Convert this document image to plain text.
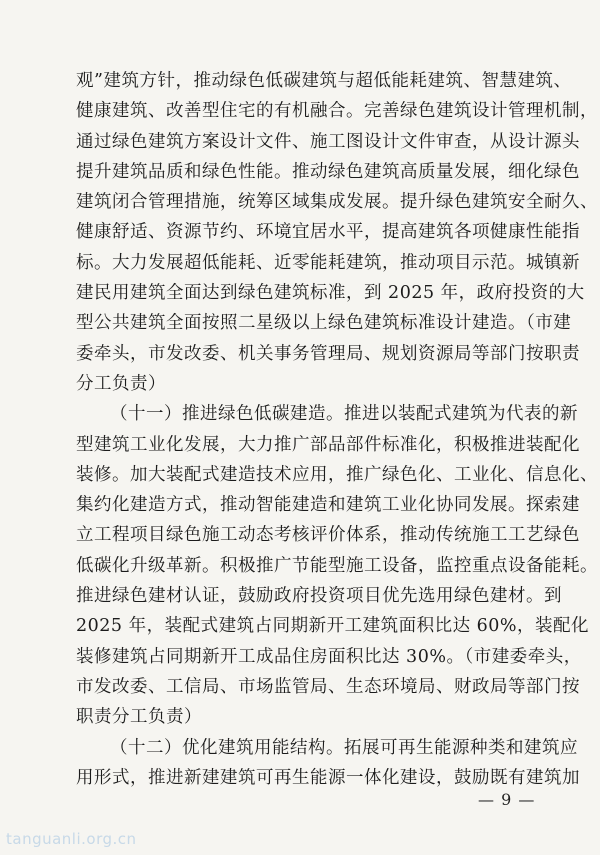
观”建筑方针，推动绿色低碳建筑与超低能耗建筑、智慧建筑、
健康建筑、改善型住宅的有机融合。完善绿色建筑设计管理机制，
通过绿色建筑方案设计文件、施工图设计文件审查，从设计源头
提升建筑品质和绿色性能。推动绿色建筑高质量发展，细化绿色
建筑闭合管理措施，统筹区域集成发展。提升绿色建筑安全耐久、
健康舒适、资源节约、环境宜居水平，提高建筑各项健康性能指
标。大力发展超低能耗、近零能耗建筑，推动项目示范。城镇新
建民用建筑全面达到绿色建筑标准，到 2025 年，政府投资的大
型公共建筑全面按照二星级以上绿色建筑标准设计建造。（市建
委牵头，市发改委、机关事务管理局、规划资源局等部门按职责
分工负责）
（十一）推进绿色低碳建造。推进以装配式建筑为代表的新
型建筑工业化发展，大力推广部品部件标准化，积极推进装配化
装修。加大装配式建造技术应用，推广绿色化、工业化、信息化、
集约化建造方式，推动智能建造和建筑工业化协同发展。探索建
立工程项目绿色施工动态考核评价体系，推动传统施工工艺绿色
低碳化升级革新。积极推广节能型施工设备，监控重点设备能耗。
推进绿色建材认证，鼓励政府投资项目优先选用绿色建材。到
2025 年，装配式建筑占同期新开工建筑面积比达 60%，装配化
装修建筑占同期新开工成品住房面积比达 30%。（市建委牵头，
市发改委、工信局、市场监管局、生态环境局、财政局等部门按
职责分工负责）
（十二）优化建筑用能结构。拓展可再生能源种类和建筑应
用形式，推进新建建筑可再生能源一体化建设，鼓励既有建筑加
— 9 —
tanguanli.org.cn
